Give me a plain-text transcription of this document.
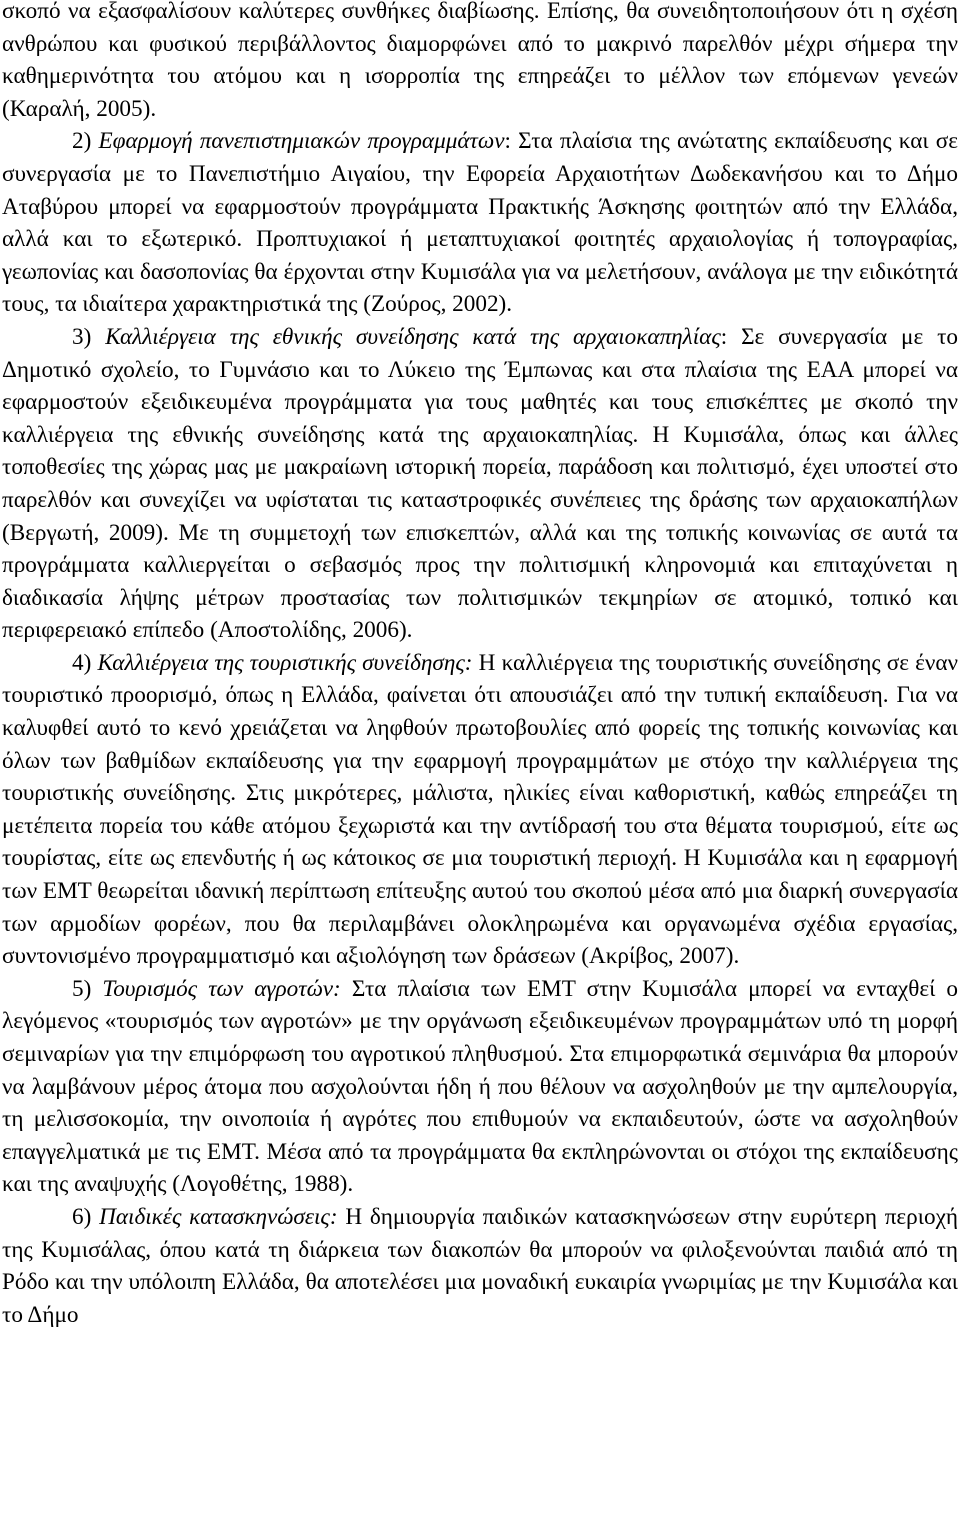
σκοπό να εξασφαλίσουν καλύτερες συνθήκες διαβίωσης. Επίσης, θα συνειδητοποιήσουν ότι η σχέση ανθρώπου και φυσικού περιβάλλοντος διαμορφώνει από το μακρινό παρελθόν μέχρι σήμερα την καθημερινότητα του ατόμου και η ισορροπία της επηρεάζει το μέλλον των επόμενων γενεών (Καραλή, 2005).

2) Εφαρμογή πανεπιστημιακών προγραμμάτων: Στα πλαίσια της ανώτατης εκπαίδευσης και σε συνεργασία με το Πανεπιστήμιο Αιγαίου, την Εφορεία Αρχαιοτήτων Δωδεκανήσου και το Δήμο Αταβύρου μπορεί να εφαρμοστούν προγράμματα Πρακτικής Άσκησης φοιτητών από την Ελλάδα, αλλά και το εξωτερικό. Προπτυχιακοί ή μεταπτυχιακοί φοιτητές αρχαιολογίας ή τοπογραφίας, γεωπονίας και δασοπονίας θα έρχονται στην Κυμισάλα για να μελετήσουν, ανάλογα με την ειδικότητά τους, τα ιδιαίτερα χαρακτηριστικά της (Ζούρος, 2002).

3) Καλλιέργεια της εθνικής συνείδησης κατά της αρχαιοκαπηλίας: Σε συνεργασία με το Δημοτικό σχολείο, το Γυμνάσιο και το Λύκειο της Έμπωνας και στα πλαίσια της ΕΑΑ μπορεί να εφαρμοστούν εξειδικευμένα προγράμματα για τους μαθητές και τους επισκέπτες με σκοπό την καλλιέργεια της εθνικής συνείδησης κατά της αρχαιοκαπηλίας. Η Κυμισάλα, όπως και άλλες τοποθεσίες της χώρας μας με μακραίωνη ιστορική πορεία, παράδοση και πολιτισμό, έχει υποστεί στο παρελθόν και συνεχίζει να υφίσταται τις καταστροφικές συνέπειες της δράσης των αρχαιοκαπήλων (Βεργωτή, 2009). Με τη συμμετοχή των επισκεπτών, αλλά και της τοπικής κοινωνίας σε αυτά τα προγράμματα καλλιεργείται ο σεβασμός προς την πολιτισμική κληρονομιά και επιταχύνεται η διαδικασία λήψης μέτρων προστασίας των πολιτισμικών τεκμηρίων σε ατομικό, τοπικό και περιφερειακό επίπεδο (Αποστολίδης, 2006).

4) Καλλιέργεια της τουριστικής συνείδησης: Η καλλιέργεια της τουριστικής συνείδησης σε έναν τουριστικό προορισμό, όπως η Ελλάδα, φαίνεται ότι απουσιάζει από την τυπική εκπαίδευση. Για να καλυφθεί αυτό το κενό χρειάζεται να ληφθούν πρωτοβουλίες από φορείς της τοπικής κοινωνίας και όλων των βαθμίδων εκπαίδευσης για την εφαρμογή προγραμμάτων με στόχο την καλλιέργεια της τουριστικής συνείδησης. Στις μικρότερες, μάλιστα, ηλικίες είναι καθοριστική, καθώς επηρεάζει τη μετέπειτα πορεία του κάθε ατόμου ξεχωριστά και την αντίδρασή του στα θέματα τουρισμού, είτε ως τουρίστας, είτε ως επενδυτής ή ως κάτοικος σε μια τουριστική περιοχή. Η Κυμισάλα και η εφαρμογή των ΕΜΤ θεωρείται ιδανική περίπτωση επίτευξης αυτού του σκοπού μέσα από μια διαρκή συνεργασία των αρμοδίων φορέων, που θα περιλαμβάνει ολοκληρωμένα και οργανωμένα σχέδια εργασίας, συντονισμένο προγραμματισμό και αξιολόγηση των δράσεων (Ακρίβος, 2007).

5) Τουρισμός των αγροτών: Στα πλαίσια των ΕΜΤ στην Κυμισάλα μπορεί να ενταχθεί ο λεγόμενος «τουρισμός των αγροτών» με την οργάνωση εξειδικευμένων προγραμμάτων υπό τη μορφή σεμιναρίων για την επιμόρφωση του αγροτικού πληθυσμού. Στα επιμορφωτικά σεμινάρια θα μπορούν να λαμβάνουν μέρος άτομα που ασχολούνται ήδη ή που θέλουν να ασχοληθούν με την αμπελουργία, τη μελισσοκομία, την οινοποιία ή αγρότες που επιθυμούν να εκπαιδευτούν, ώστε να ασχοληθούν επαγγελματικά με τις ΕΜΤ. Μέσα από τα προγράμματα θα εκπληρώνονται οι στόχοι της εκπαίδευσης και της αναψυχής (Λογοθέτης, 1988).

6) Παιδικές κατασκηνώσεις: Η δημιουργία παιδικών κατασκηνώσεων στην ευρύτερη περιοχή της Κυμισάλας, όπου κατά τη διάρκεια των διακοπών θα μπορούν να φιλοξενούνται παιδιά από τη Ρόδο και την υπόλοιπη Ελλάδα, θα αποτελέσει μια μοναδική ευκαιρία γνωριμίας με την Κυμισάλα και το Δήμο
